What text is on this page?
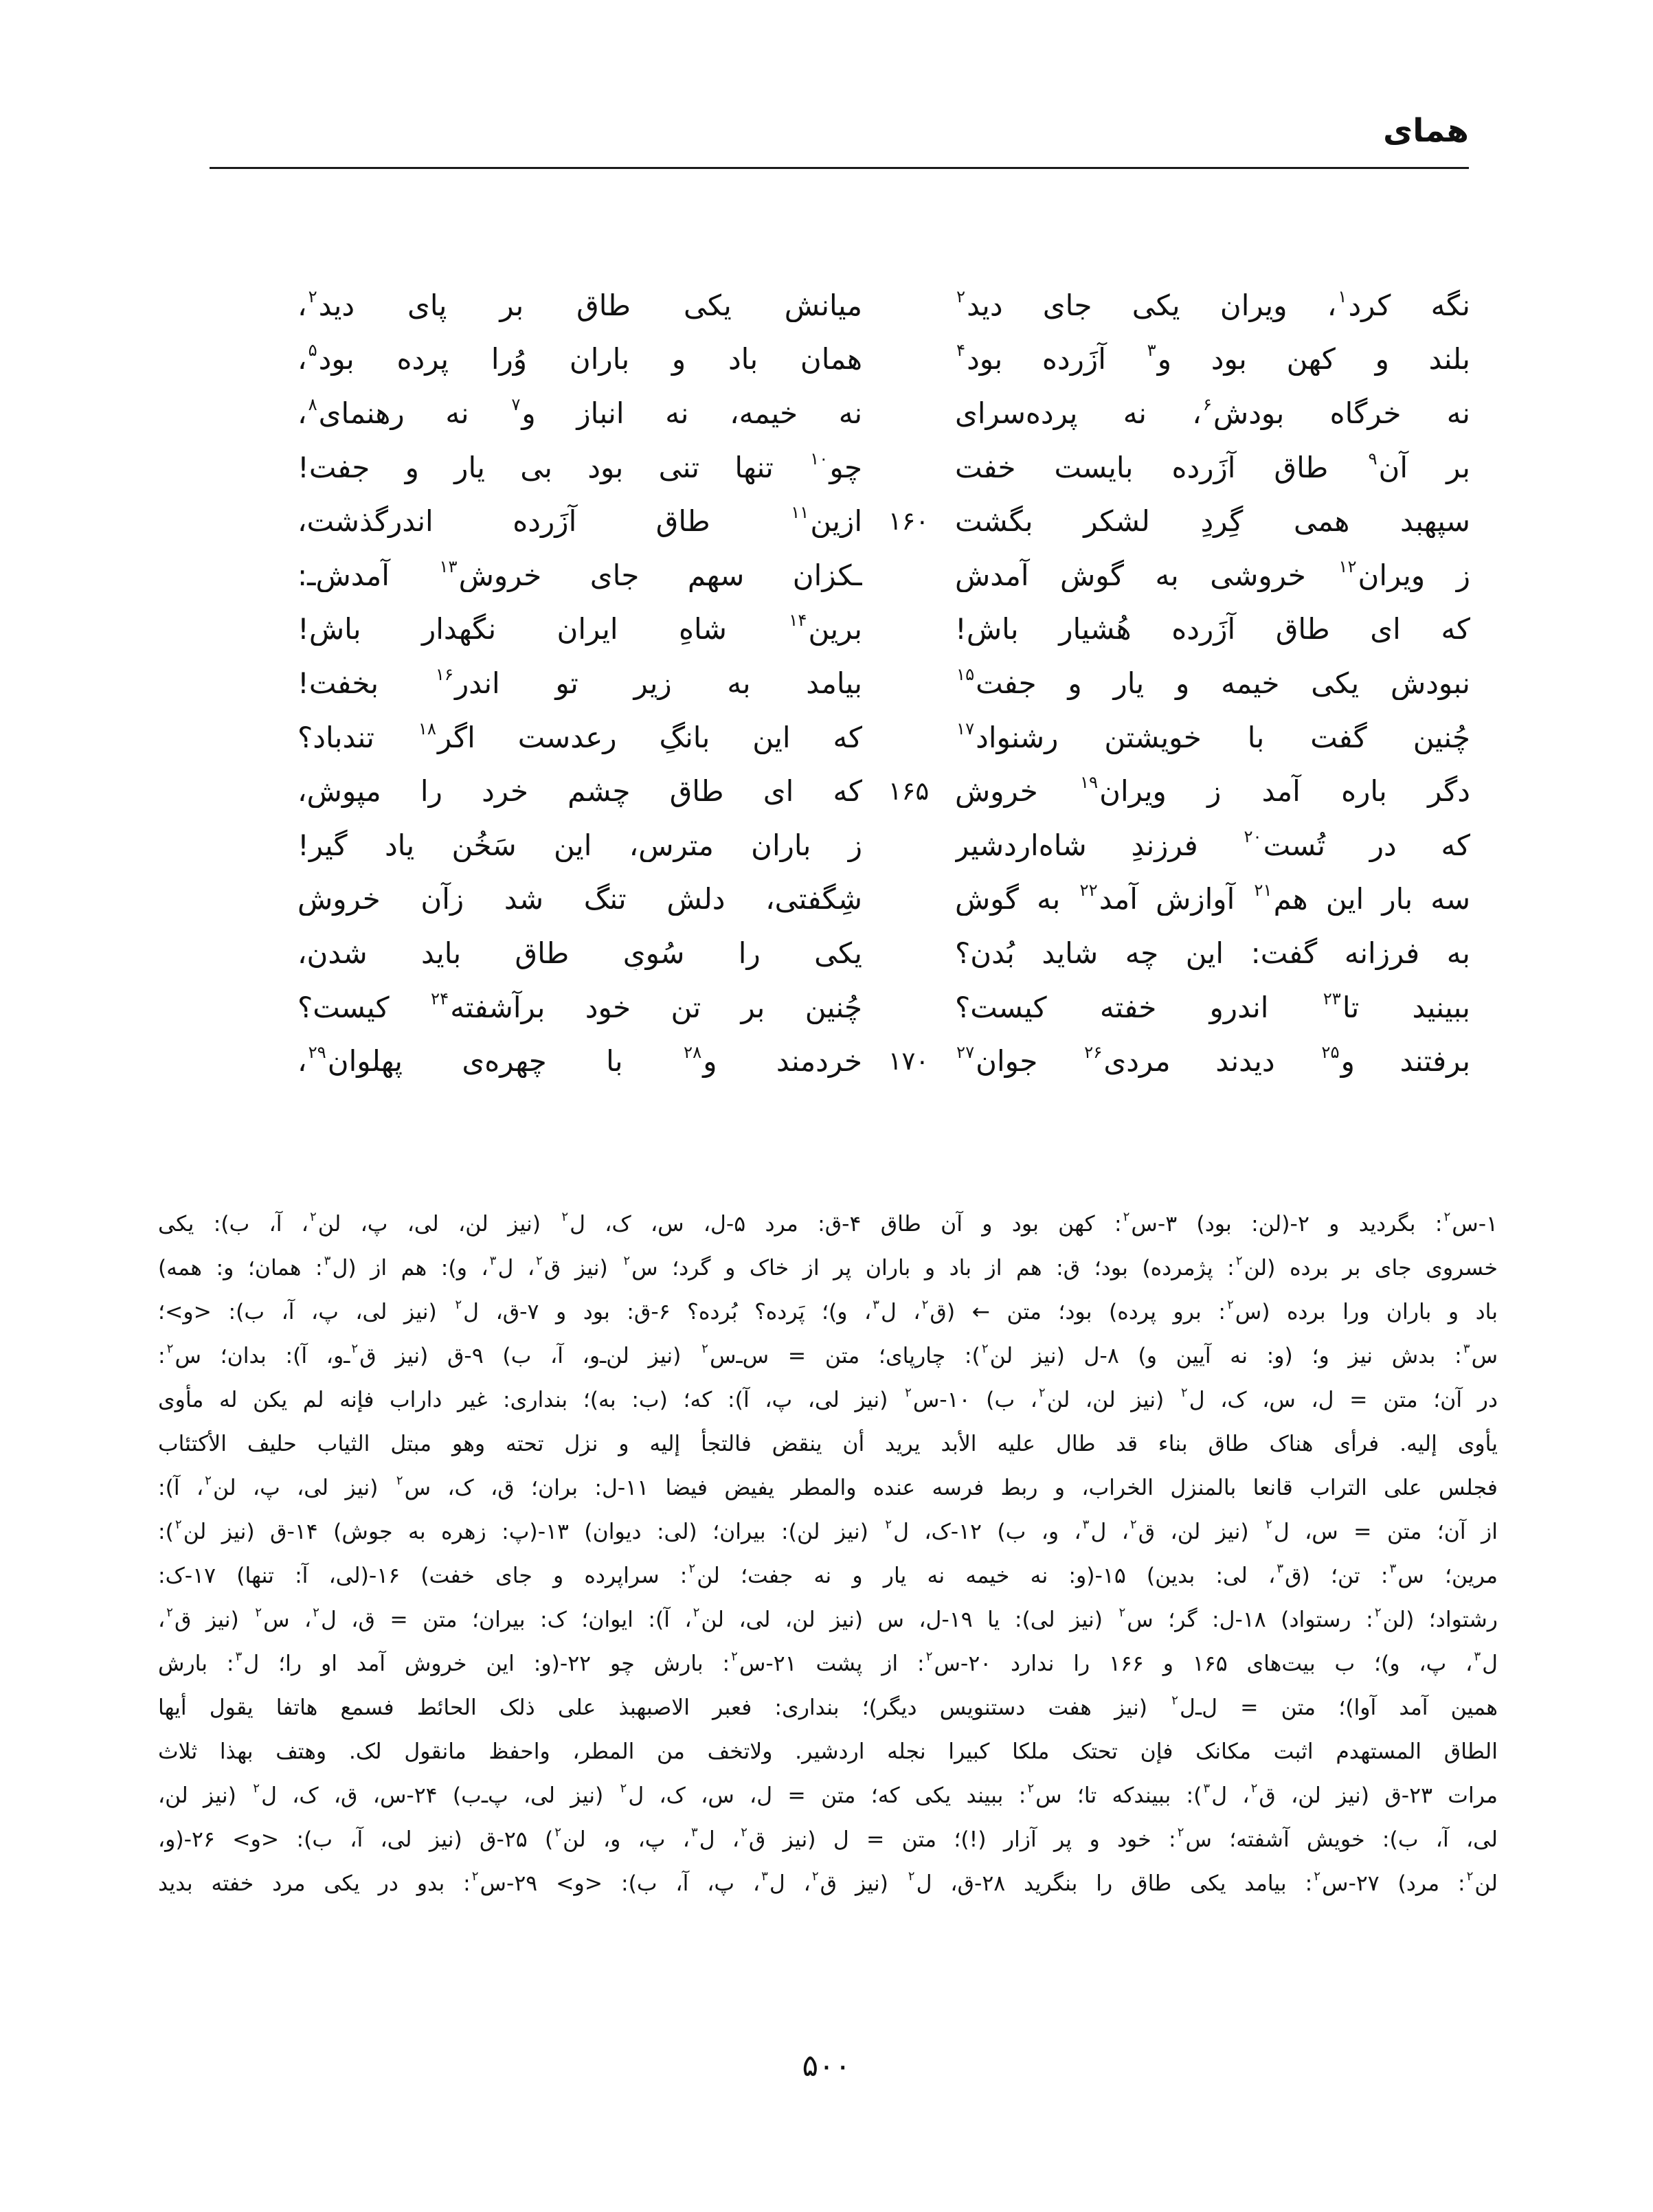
همای
نگه کرد$^۱$، ویران یکی جای دید$^۲$
میانش یکی طاق بر پای دید$^۲$،
بلند و کهن بود و$^۳$ آزَرده بود$^۴$
همان باد و باران وُرا پرده بود$^۵$،
نه خرگاه بودش$^۶$، نه پرده‌سرای
نه خیمه، نه انباز و$^۷$ نه رهنمای$^۸$،
بر آن$^۹$ طاقِ آزَرده بایست خفت
چو$^{۱۰}$ تنها تنی بود بی یار و جفت!
سپهبد همی گِردِ لشکر بگشت
۱۶۰
ازین$^{۱۱}$ طاقِ آزَرده اندرگذشت،
زِ ویران$^{۱۲}$ خروشی به گوش آمدش
ـکزان سهم جای خروش$^{۱۳}$ آمدش‌ـ:
که ای طاقِ آزَرده هُشیار باش!
برین$^{۱۴}$ شاهِ ایران نگهدار باش!
نبودش یکی خیمه و یار و جفت$^{۱۵}$
بیامد به زیرِ تو اندر$^{۱۶}$ بخفت!
چُنین گفت با خویشتن رشنواد$^{۱۷}$
که این بانگِ رعدست اگر$^{۱۸}$ تندباد؟
دگر باره آمد زِ ویران$^{۱۹}$ خروش
۱۶۵
که ای طاق چشمِ خرد را مپوش،
که در تُست$^{۲۰}$ فرزندِ شاه‌اردشیر
زِ باران مترس، این سَخُن یاد گیر!
سه بار این هم$^{۲۱}$ آوازش آمد$^{۲۲}$ به گوش
شِگفتی، دلش تنگ شد زآن خروش
به فرزانه گفت: این چه شاید بُدن؟
یکی را سُویِ طاق باید شدن،
ببینید تا$^{۲۳}$ اندرو خفته کیست؟
چُنین بر تن خود برآشفته$^{۲۴}$ کیست؟
برفتند و$^{۲۵}$ دیدند مردی$^{۲۶}$ جوان$^{۲۷}$
۱۷۰
خردمند و$^{۲۸}$ با چهره‌ی پهلوان$^{۲۹}$،
۱-س$^۲$: بگردید و ۲-(لن: بود) ۳-س$^۲$: کهن بود و آن طاق ۴-ق: مرد ۵-ل، س، ک، ل$^۲$ (نیز لن، لی، پ، لن$^۲$، آ، ب): یکی
خسروی جای بر برده (لن$^۲$: پژمرده) بود؛ ق: هم از باد و باران پر از خاک و گرد؛ س$^۲$ (نیز ق$^۲$، ل$^۳$، و): هم از (ل$^۳$: همان؛ و: همه)
باد و باران ورا برده (س$^۲$: برو پرده) بود؛ متن ← (ق$^۲$، ل$^۳$، و)؛ پَرده؟ بُرده؟ ۶-ق: بود و ۷-ق، ل$^۲$ (نیز لی، پ، آ، ب): <و>؛
س$^۳$: بدش نیز و؛ (و: نه آیین و) ۸-ل (نیز لن$^۲$): چارپای؛ متن = س‌ـ‌س$^۲$ (نیز لن‌ـ‌و، آ، ب) ۹-ق (نیز ق$^۲$ـ‌و، آ): بدان؛ س$^۲$:
در آن؛ متن = ل، س، ک، ل$^۲$ (نیز لن، لن$^۲$، ب) ۱۰-س$^۲$ (نیز لی، پ، آ): که؛ (ب: به)؛ بنداری: غیر داراب فإنه لم یکن له مأوی
یأوی إلیه. فرأی هناک طاق بناء قد طال علیه الأبد یرید أن ینقض فالتجأ إلیه و نزل تحته وهو مبتل الثیاب حلیف الأکتئاب
فجلس علی التراب قانعا بالمنزل الخراب، و ربط فرسه عنده والمطر یفیض فیضا ۱۱-ل: بران؛ ق، ک، س$^۲$ (نیز لی، پ، لن$^۲$، آ):
از آن؛ متن = س، ل$^۲$ (نیز لن، ق$^۲$، ل$^۳$، و، ب) ۱۲-ک، ل$^۲$ (نیز لن): بیران؛ (لی: دیوان) ۱۳-(پ: زهره به جوش) ۱۴-ق (نیز لن$^۲$):
مرین؛ س$^۳$: تن؛ (ق$^۳$، لی: بدین) ۱۵-(و: نه خیمه نه یار و نه جفت؛ لن$^۲$: سراپرده و جای خفت) ۱۶-(لی، آ: تنها) ۱۷-ک:
رشتواد؛ (لن$^۲$: رستواد) ۱۸-ل: گر؛ س$^۲$ (نیز لی): یا ۱۹-ل، س (نیز لن، لی، لن$^۲$، آ): ایوان؛ ک: بیران؛ متن = ق، ل$^۲$، س$^۲$ (نیز ق$^۲$،
ل$^۳$، پ، و)؛ ب بیت‌های ۱۶۵ و ۱۶۶ را ندارد ۲۰-س$^۲$: از پشت ۲۱-س$^۲$: بارش چو ۲۲-(و: این خروش آمد او را؛ ل$^۳$: بارش
همین آمد آوا)؛ متن = ل‌ـ‌ل$^۲$ (نیز هفت دستنویس دیگر)؛ بنداری: فعبر الاصبهبذ علی ذلک الحائط فسمع هاتفا یقول أیها
الطاق المستهدم اثبت مکانک فإن تحتک ملکا کبیرا نجله اردشیر. ولاتخف من المطر، واحفظ مانقول لک. وهتف بهذا ثلاث
مرات ۲۳-ق (نیز لن، ق$^۲$، ل$^۳$): ببیندکه تا؛ س$^۲$: ببیند یکی که؛ متن = ل، س، ک، ل$^۲$ (نیز لی، پ‌ـ‌ب) ۲۴-س، ق، ک، ل$^۲$ (نیز لن،
لی، آ، ب): خویش آشفته؛ س$^۲$: خود و پر آزار (!)؛ متن = ل (نیز ق$^۲$، ل$^۳$، پ، و، لن$^۲$) ۲۵-ق (نیز لی، آ، ب): <و> ۲۶-(و،
لن$^۲$: مرد) ۲۷-س$^۲$: بیامد یکی طاق را بنگرید ۲۸-ق، ل$^۲$ (نیز ق$^۲$، ل$^۳$، پ، آ، ب): <و> ۲۹-س$^۲$: بدو در یکی مرد خفته بدید
۵۰۰
